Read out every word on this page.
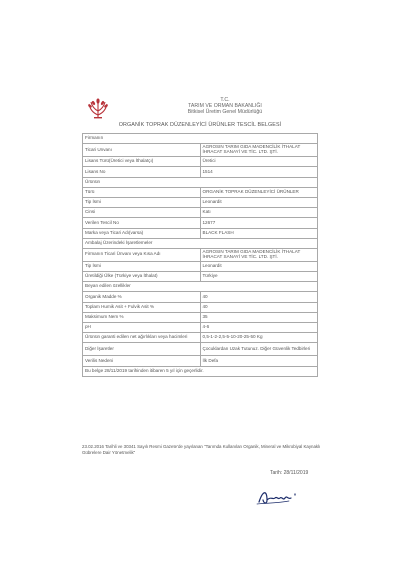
T.C.
TARIM VE ORMAN BAKANLIĞI
Bitkisel Üretim Genel Müdürlüğü
ORGANİK TOPRAK DÜZENLEYİCİ ÜRÜNLER TESCİL BELGESİ
Firmanın	
Ticari Unvanı	AGROSIN TARIM GIDA MADENCİLİK İTHALAT İHRACAT SANAYİ VE TİC. LTD. ŞTİ.
Lisans Türü(Üretici veya İthalatçı)	Üretici
Lisans No	1514
Ürünün	
Türü	ORGANİK TOPRAK DÜZENLEYİCİ ÜRÜNLER
Tip İsmi	Leonardit
Cinsi	Katı
Verilen Tescil No	12677
Marka veya Ticari Adı(varsa)	BLACK FLASH
Ambalaj Üzerindeki İşaretlemeler	
Firmanın Ticari Ünvanı veya Kısa Adı	AGROSIN TARIM GIDA MADENCİLİK İTHALAT İHRACAT SANAYİ VE TİC. LTD. ŞTİ.
Tip İsmi	Leonardit
Üretildiği Ülke (Türkiye veya İthalat)	Türkiye
Beyan edilen özellikler	
Organik Madde %	40
Toplam Humik Asit + Fulvik Asit %	40
Maksimum Nem %	35
pH	4-6
Ürünün garanti edilen net ağırlıkları veya hacimleri	0,5-1-2-2,5-5-10-20-25-50 Kg
Diğer İşaretler	Çocuklardan Uzak Tutunuz. Diğer Güvenlik Tedbirleri
Verilis Nedeni	İlk Defa
Bu belge 28/11/2019 tarihinden itibaren 5 yıl için geçerlidir.	
23.02.2016 Tarihli ve 30341 Sayılı Resmi Gazete'de yayılanan "Tarımda Kullanılan Organik, Mineral ve Mikrobiyal Kaynaklı Gübrelere Dair Yönetmelik"
Tarih: 28/11/2019
